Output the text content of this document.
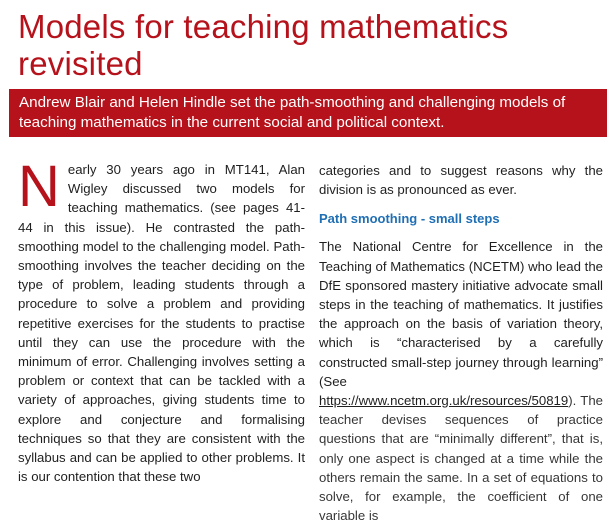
Models for teaching mathematics
revisited
Andrew Blair and Helen Hindle set the path-smoothing and challenging models of teaching mathematics in the current social and political context.
N early 30 years ago in MT141, Alan Wigley discussed two models for teaching mathematics. (see pages 41-44 in this issue). He contrasted the path-smoothing model to the challenging model. Path-smoothing involves the teacher deciding on the type of problem, leading students through a procedure to solve a problem and providing repetitive exercises for the students to practise until they can use the procedure with the minimum of error. Challenging involves setting a problem or context that can be tackled with a variety of approaches, giving students time to explore and conjecture and formalising techniques so that they are consistent with the syllabus and can be applied to other problems. It is our contention that these two

categories and to suggest reasons why the division is as pronounced as ever.

Path smoothing - small steps

The National Centre for Excellence in the Teaching of Mathematics (NCETM) who lead the DfE sponsored mastery initiative advocate small steps in the teaching of mathematics. It justifies the approach on the basis of variation theory, which is “characterised by a carefully constructed small-step journey through learning” (See https://www.ncetm.org.uk/resources/50819). The teacher devises sequences of practice questions that are “minimally different”, that is, only one aspect is changed at a time while the others remain the same. In a set of equations to solve, for example, the coefficient of one variable is
